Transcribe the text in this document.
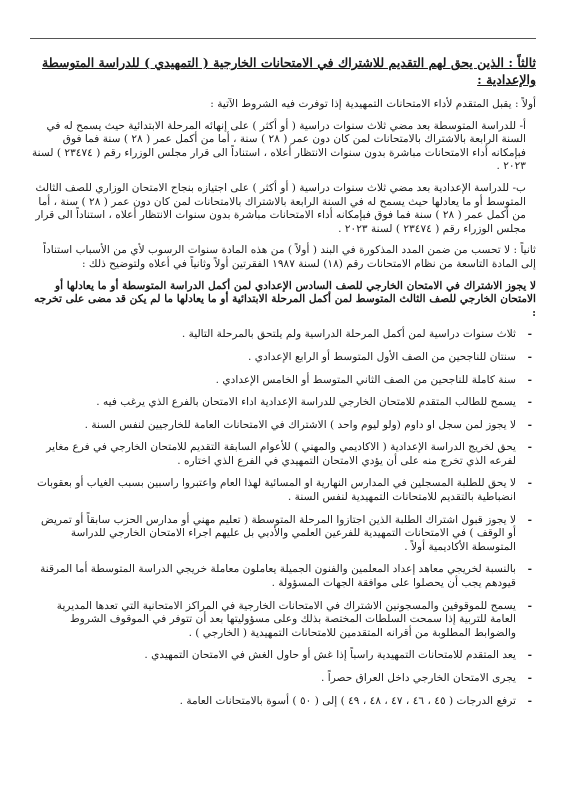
ثالثاً : الذين يحق لهم التقديم للاشتراك في الامتحانات الخارجية ( التمهيدي ) للدراسة المتوسطة والإعدادية :

أولاً : يقبل المتقدم لأداء الامتحانات التمهيدية إذا توفرت فيه الشروط الآتية :

أ- للدراسة المتوسطة بعد مضي ثلاث سنوات دراسية ( أو أكثر ) على إنهائه المرحلة الابتدائية حيث يسمح له في السنة الرابعة بالاشتراك بالامتحانات لمن كان دون عمر ( ٢٨ ) سنة ، أما من أكمل عمر ( ٢٨ ) سنة فما فوق فبإمكانه أداء الامتحانات مباشرة بدون سنوات الانتظار أعلاه ، استناداً الى قرار مجلس الوزراء رقم ( ٢٣٤٧٤ ) لسنة ٢٠٢٣ .

ب- للدراسة الإعدادية بعد مضي ثلاث سنوات دراسية ( أو أكثر ) على اجتيازه بنجاح الامتحان الوزاري للصف الثالث المتوسط أو ما يعادلها حيث يسمح له في السنة الرابعة بالاشتراك بالامتحانات لمن كان دون عمر ( ٢٨ ) سنة ، أما من أكمل عمر ( ٢٨ ) سنة فما فوق فبإمكانه أداء الامتحانات مباشرة بدون سنوات الانتظار أعلاه ، استناداً الى قرار مجلس الوزراء رقم ( ٢٣٤٧٤ ) لسنة ٢٠٢٣ .

ثانياً : لا تحسب من ضمن المدد المذكورة في البند ( أولاً ) من هذه المادة سنوات الرسوب لأي من الأسباب استناداً إلى المادة التاسعة من نظام الامتحانات رقم (١٨) لسنة ١٩٨٧ الفقرتين أولاً وثانياً في أعلاه ولتوضيح ذلك :

لا يجوز الاشتراك في الامتحان الخارجي للصف السادس الإعدادي لمن أكمل الدراسة المتوسطة أو ما يعادلها أو الامتحان الخارجي للصف الثالث المتوسط لمن أكمل المرحلة الابتدائية أو ما يعادلها ما لم يكن قد مضى على تخرجه :

- ثلاث سنوات دراسية لمن أكمل المرحلة الدراسية ولم يلتحق بالمرحلة التالية .
- سنتان للناجحين من الصف الأول المتوسط أو الرابع الإعدادي .
- سنة كاملة للناجحين من الصف الثاني المتوسط أو الخامس الإعدادي .
- يسمح للطالب المتقدم للامتحان الخارجي للدراسة الإعدادية اداء الامتحان بالفرع الذي يرغب فيه .
- لا يجوز لمن سجل او داوم (ولو ليوم واحد ) الاشتراك في الامتحانات العامة للخارجيين لنفس السنة .
- يحق لخريج الدراسة الإعدادية ( الاكاديمي والمهني ) للأعوام السابقة التقديم للامتحان الخارجي في فرع مغاير لفرعه الذي تخرج منه على أن يؤدي الامتحان التمهيدي في الفرع الذي اختاره .
- لا يحق للطلبة المسجلين في المدارس النهارية او المسائية لهذا العام واعتبروا راسبين بسبب الغياب أو بعقوبات انضباطية بالتقديم للامتحانات التمهيدية لنفس السنة .
- لا يجوز قبول اشتراك الطلبة الذين اجتازوا المرحلة المتوسطة ( تعليم مهني أو مدارس الحزب سابقاً أو تمريض أو الوقف ) في الامتحانات التمهيدية للفرعين العلمي والأدبي بل عليهم اجراء الامتحان الخارجي للدراسة المتوسطة الأكاديمية أولاً .
- بالنسبة لخريجي معاهد إعداد المعلمين والفنون الجميلة يعاملون معاملة خريجي الدراسة المتوسطة أما المرقنة قيودهم يجب أن يحصلوا على موافقة الجهات المسؤولة .
- يسمح للموقوفين والمسجونين الاشتراك في الامتحانات الخارجية في المراكز الامتحانية التي تعدها المديرية العامة للتربية إذا سمحت السلطات المختصة بذلك وعلى مسؤوليتها بعد أن تتوفر في الموقوف الشروط والضوابط المطلوبة من أقرانه المتقدمين للامتحانات التمهيدية ( الخارجي ) .
- يعد المتقدم للامتحانات التمهيدية راسباً إذا غش أو حاول الغش في الامتحان التمهيدي .
- يجرى الامتحان الخارجي داخل العراق حصراً .
- ترفع الدرجات ( ٤٥ ، ٤٦ ، ٤٧ ، ٤٨ ، ٤٩ ) إلى ( ٥٠ ) أسوة بالامتحانات العامة .
